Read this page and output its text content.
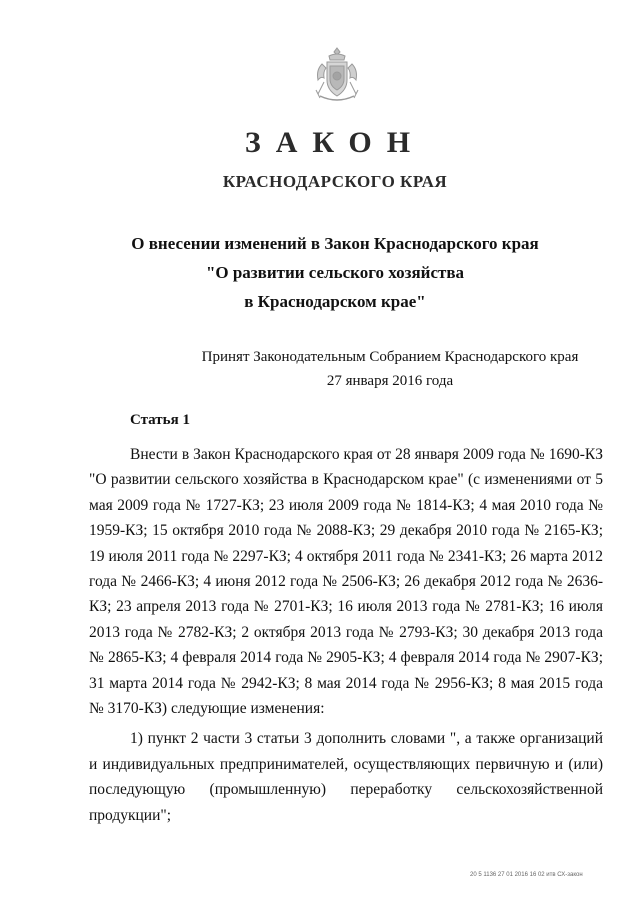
ЗАКОН
КРАСНОДАРСКОГО КРАЯ
О внесении изменений в Закон Краснодарского края
"О развитии сельского хозяйства
в Краснодарском крае"
Принят Законодательным Собранием Краснодарского края
27 января 2016 года
Статья 1

Внести в Закон Краснодарского края от 28 января 2009 года № 1690-КЗ "О развитии сельского хозяйства в Краснодарском крае" (с изменениями от 5 мая 2009 года № 1727-КЗ; 23 июля 2009 года № 1814-КЗ; 4 мая 2010 года № 1959-КЗ; 15 октября 2010 года № 2088-КЗ; 29 декабря 2010 года № 2165-КЗ; 19 июля 2011 года № 2297-КЗ; 4 октября 2011 года № 2341-КЗ; 26 марта 2012 года № 2466-КЗ; 4 июня 2012 года № 2506-КЗ; 26 декабря 2012 года № 2636-КЗ; 23 апреля 2013 года № 2701-КЗ; 16 июля 2013 года № 2781-КЗ; 16 июля 2013 года № 2782-КЗ; 2 октября 2013 года № 2793-КЗ; 30 декабря 2013 года № 2865-КЗ; 4 февраля 2014 года № 2905-КЗ; 4 февраля 2014 года № 2907-КЗ; 31 марта 2014 года № 2942-КЗ; 8 мая 2014 года № 2956-КЗ; 8 мая 2015 года № 3170-КЗ) следующие изменения:

1) пункт 2 части 3 статьи 3 дополнить словами ", а также организаций и индивидуальных предпринимателей, осуществляющих первичную и (или) последующую (промышленную) переработку сельскохозяйственной продукции";

20 5 1136 27 01 2016 16 02 итв СХ-закон
